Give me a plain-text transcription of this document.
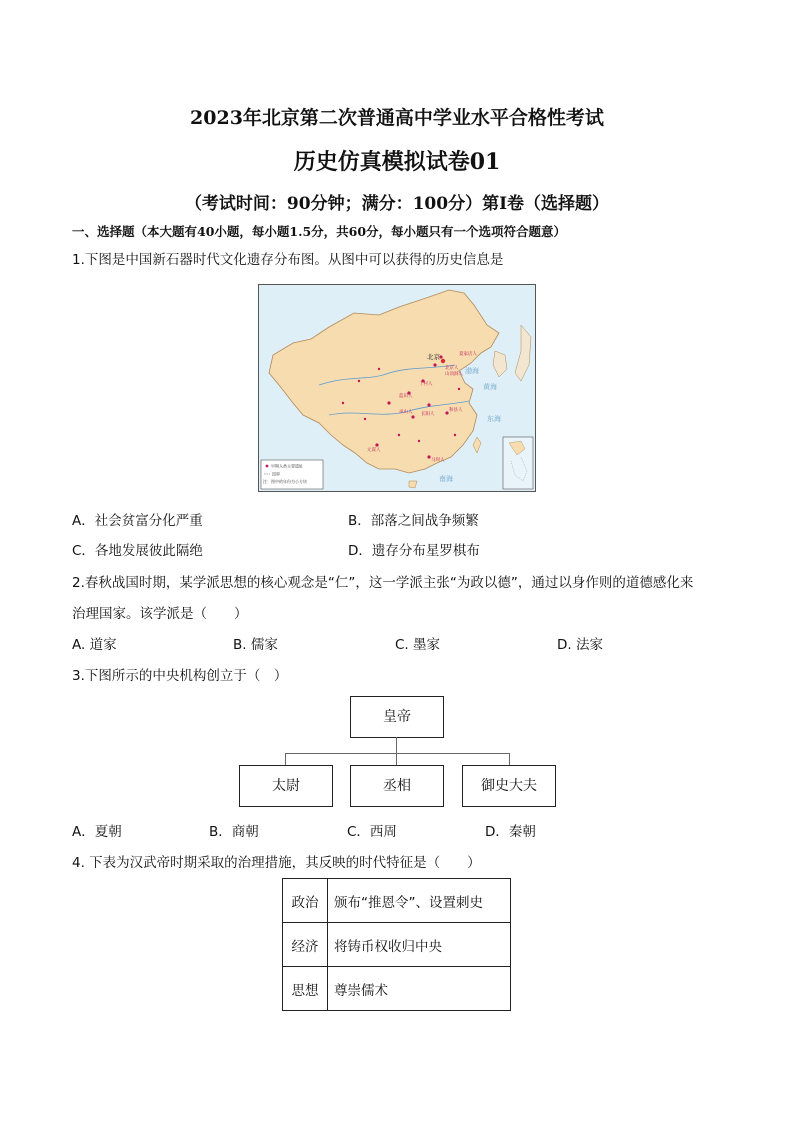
2023年北京第二次普通高中学业水平合格性考试
历史仿真模拟试卷01
（考试时间：90分钟；满分：100分）第Ⅰ卷（选择题）
一、选择题（本大题有40小题，每小题1.5分，共60分，每小题只有一个选项符合题意）
1.下图是中国新石器时代文化遗存分布图。从图中可以获得的历史信息是
北京	夏家店人
北京人
山顶洞人
丁村人
蓝田人
长阳人
和县人
元谋人
马坝人
巫山人
渤海
黄海
东海
南海
早期人类主要遗址
国界
注：图中的年份为小方块
A．社会贫富分化严重	B．部落之间战争频繁
C．各地发展彼此隔绝	D．遗存分布星罗棋布
2.春秋战国时期，某学派思想的核心观念是“仁”，这一学派主张“为政以德”，通过以身作则的道德感化来
治理国家。该学派是（　　）
A. 道家	B. 儒家	C. 墨家	D. 法家
3.下图所示的中央机构创立于（　）
皇帝
太尉	丞相	御史大夫
A．夏朝	B．商朝	C．西周	D．秦朝
4. 下表为汉武帝时期采取的治理措施，其反映的时代特征是（　　）
政治	颁布“推恩令”、设置刺史
经济	将铸币权收归中央
思想	尊崇儒术
